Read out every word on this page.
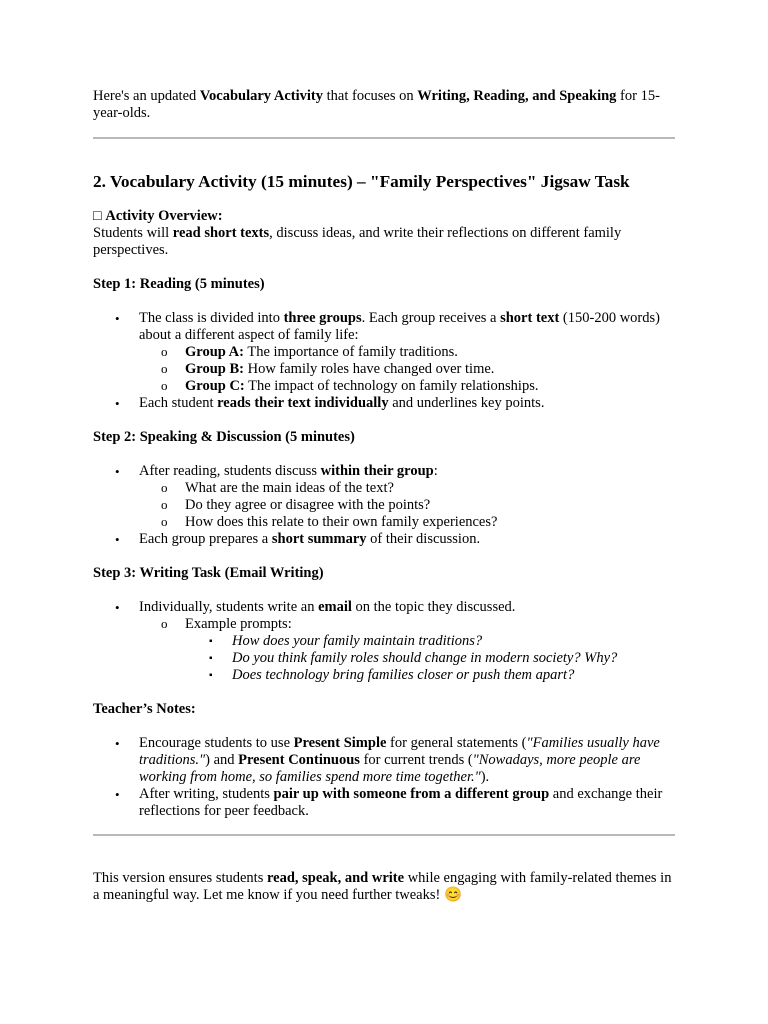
Here's an updated Vocabulary Activity that focuses on Writing, Reading, and Speaking for 15-year-olds.

2. Vocabulary Activity (15 minutes) – "Family Perspectives" Jigsaw Task

□ Activity Overview:
Students will read short texts, discuss ideas, and write their reflections on different family perspectives.

Step 1: Reading (5 minutes)

• The class is divided into three groups. Each group receives a short text (150-200 words) about a different aspect of family life:
o Group A: The importance of family traditions.
o Group B: How family roles have changed over time.
o Group C: The impact of technology on family relationships.
• Each student reads their text individually and underlines key points.

Step 2: Speaking & Discussion (5 minutes)

• After reading, students discuss within their group:
o What are the main ideas of the text?
o Do they agree or disagree with the points?
o How does this relate to their own family experiences?
• Each group prepares a short summary of their discussion.

Step 3: Writing Task (Email Writing)

• Individually, students write an email on the topic they discussed.
o Example prompts:
▪ How does your family maintain traditions?
▪ Do you think family roles should change in modern society? Why?
▪ Does technology bring families closer or push them apart?

Teacher’s Notes:

• Encourage students to use Present Simple for general statements ("Families usually have traditions.") and Present Continuous for current trends ("Nowadays, more people are working from home, so families spend more time together.").
• After writing, students pair up with someone from a different group and exchange their reflections for peer feedback.

This version ensures students read, speak, and write while engaging with family-related themes in a meaningful way. Let me know if you need further tweaks! 😊
